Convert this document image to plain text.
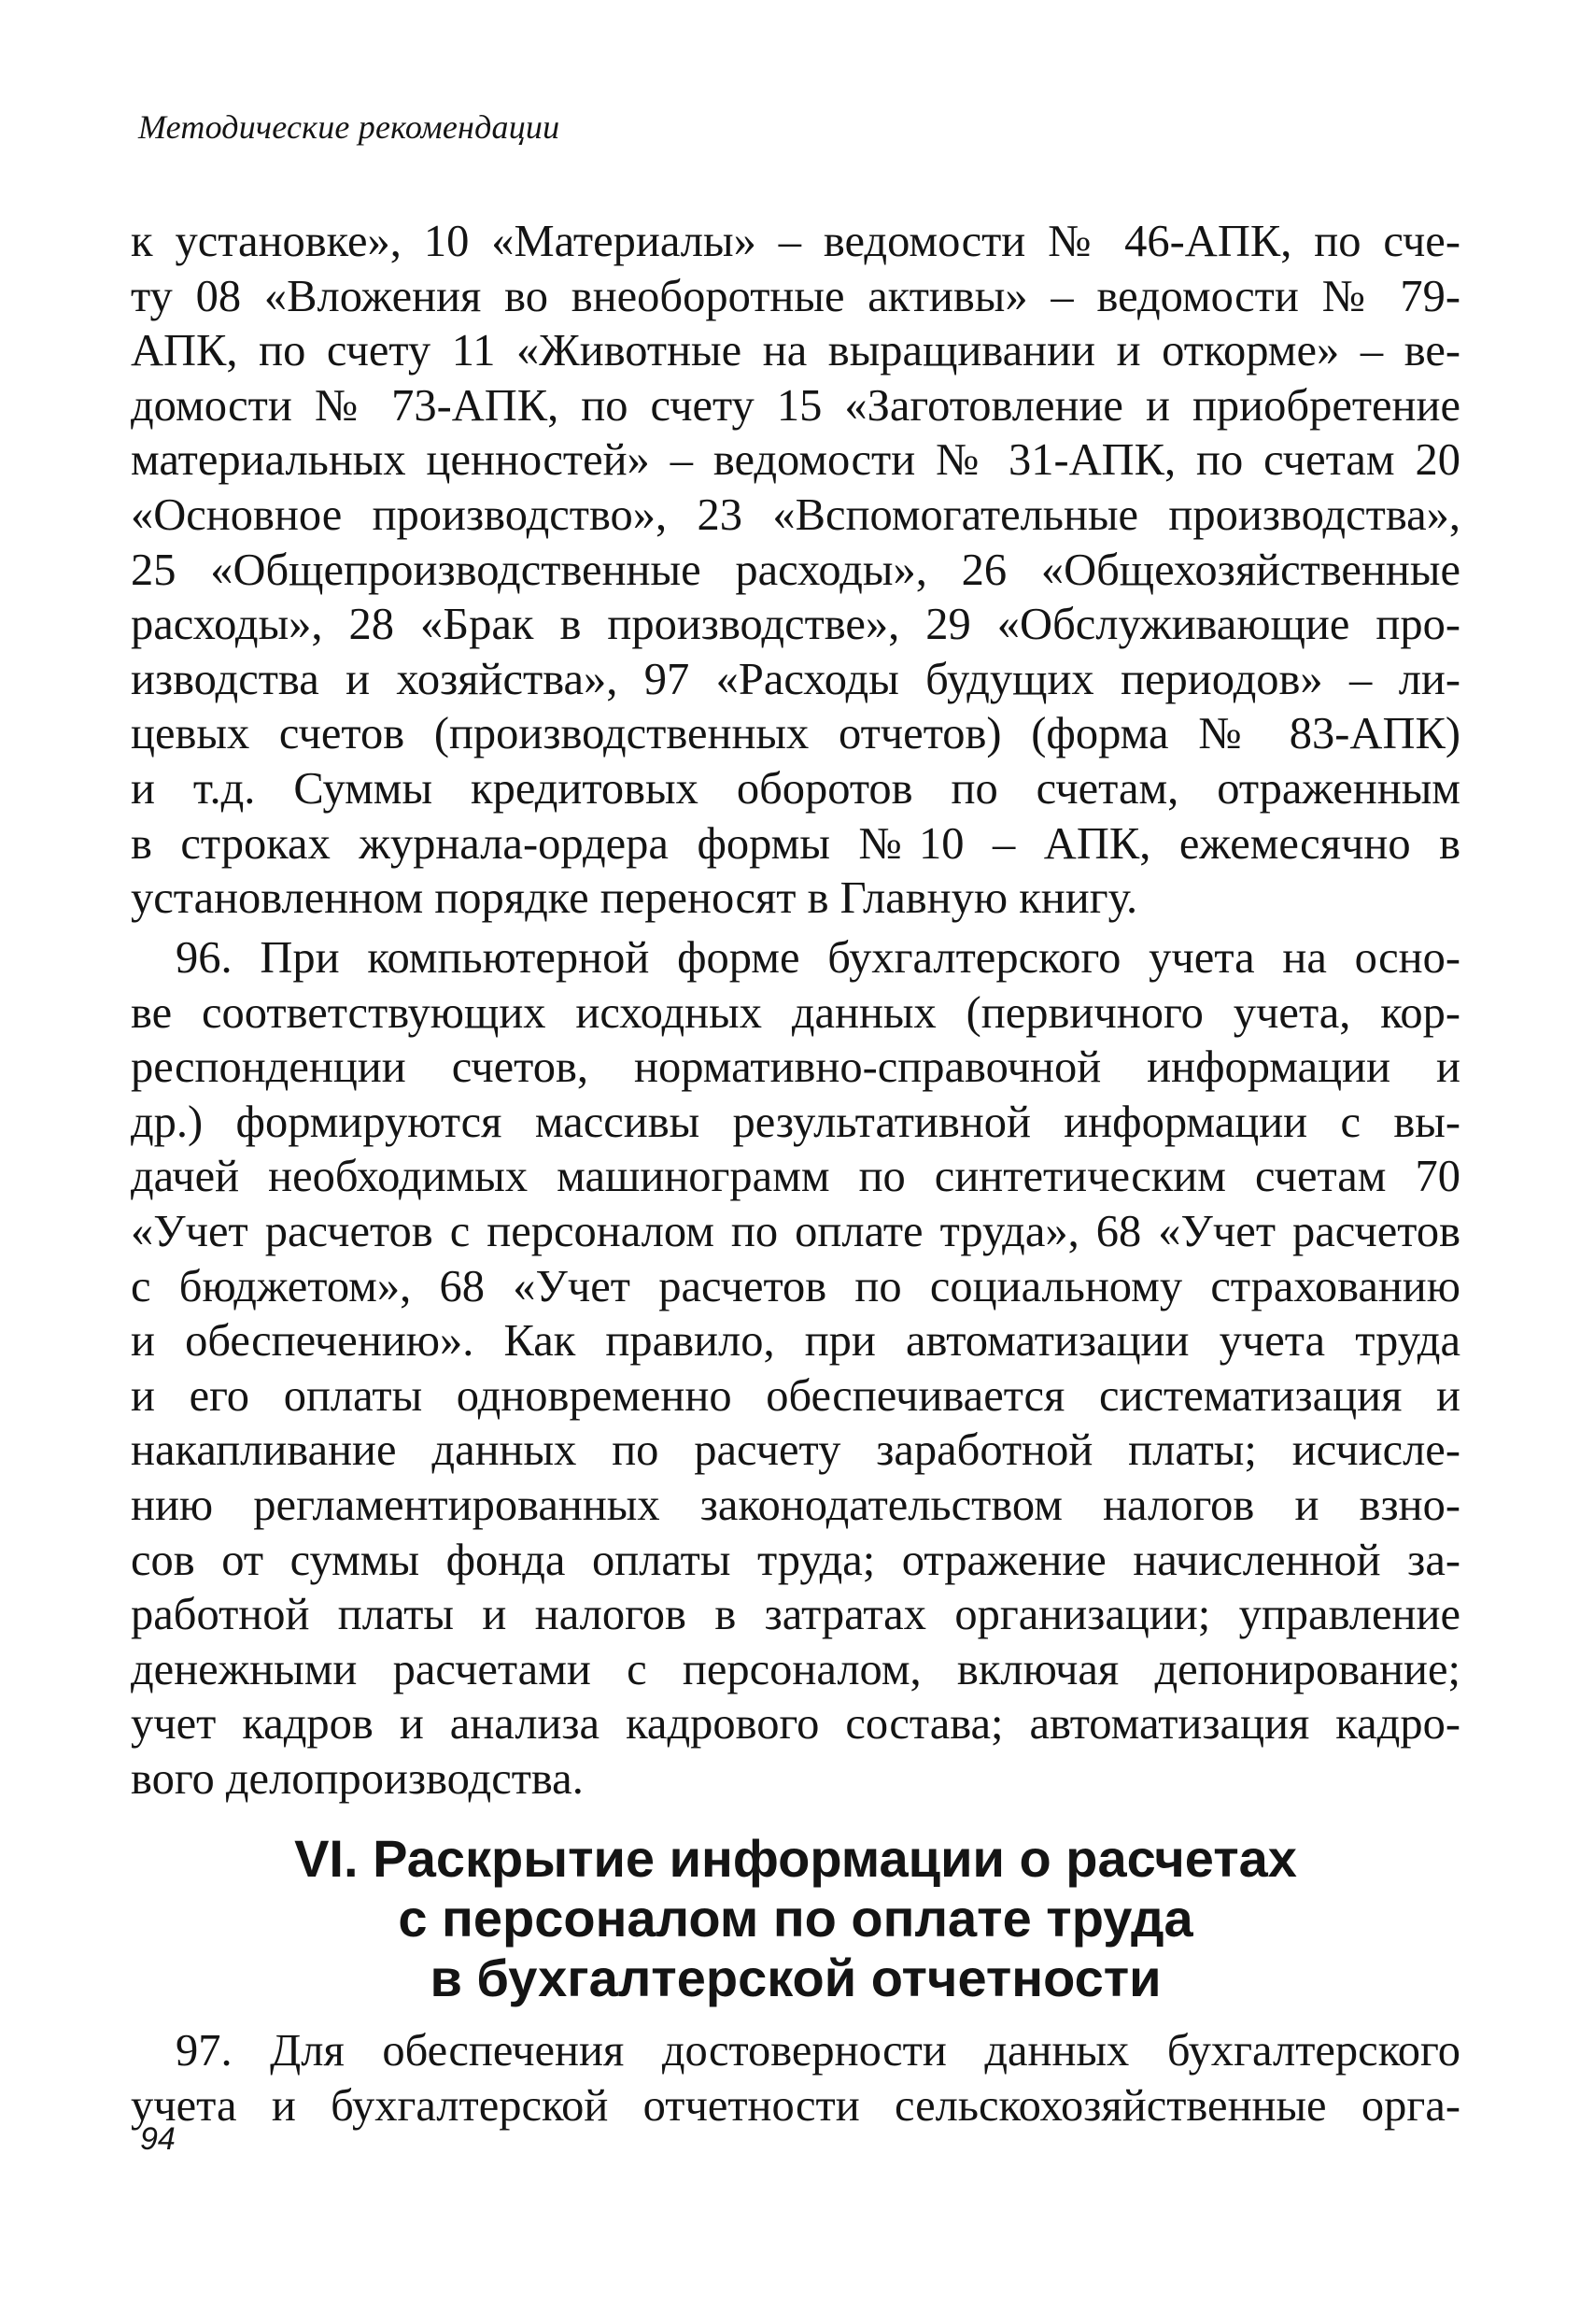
Методические рекомендации
к установке», 10 «Материалы» – ведомости № 46-АПК, по сче-
ту 08 «Вложения во внеоборотные активы» – ведомости № 79-
АПК, по счету 11 «Животные на выращивании и откорме» – ве-
домости № 73-АПК, по счету 15 «Заготовление и приобретение
материальных ценностей» – ведомости № 31-АПК, по счетам 20
«Основное производство», 23 «Вспомогательные производства»,
25 «Общепроизводственные расходы», 26 «Общехозяйственные
расходы», 28 «Брак в производстве», 29 «Обслуживающие про-
изводства и хозяйства», 97 «Расходы будущих периодов» – ли-
цевых счетов (производственных отчетов) (форма № 83-АПК)
и т.д. Суммы кредитовых оборотов по счетам, отраженным
в строках журнала-ордера формы №10 – АПК, ежемесячно в
установленном порядке переносят в Главную книгу.
96. При компьютерной форме бухгалтерского учета на осно-
ве соответствующих исходных данных (первичного учета, кор-
респонденции счетов, нормативно-справочной информации и
др.) формируются массивы результативной информации с вы-
дачей необходимых машинограмм по синтетическим счетам 70
«Учет расчетов с персоналом по оплате труда», 68 «Учет расчетов
с бюджетом», 68 «Учет расчетов по социальному страхованию
и обеспечению». Как правило, при автоматизации учета труда
и его оплаты одновременно обеспечивается систематизация и
накапливание данных по расчету заработной платы; исчисле-
нию регламентированных законодательством налогов и взно-
сов от суммы фонда оплаты труда; отражение начисленной за-
работной платы и налогов в затратах организации; управление
денежными расчетами с персоналом, включая депонирование;
учет кадров и анализа кадрового состава; автоматизация кадро-
вого делопроизводства.
VI. Раскрытие информации о расчетах
с персоналом по оплате труда
в бухгалтерской отчетности
97. Для обеспечения достоверности данных бухгалтерского
учета и бухгалтерской отчетности сельскохозяйственные орга-
94
